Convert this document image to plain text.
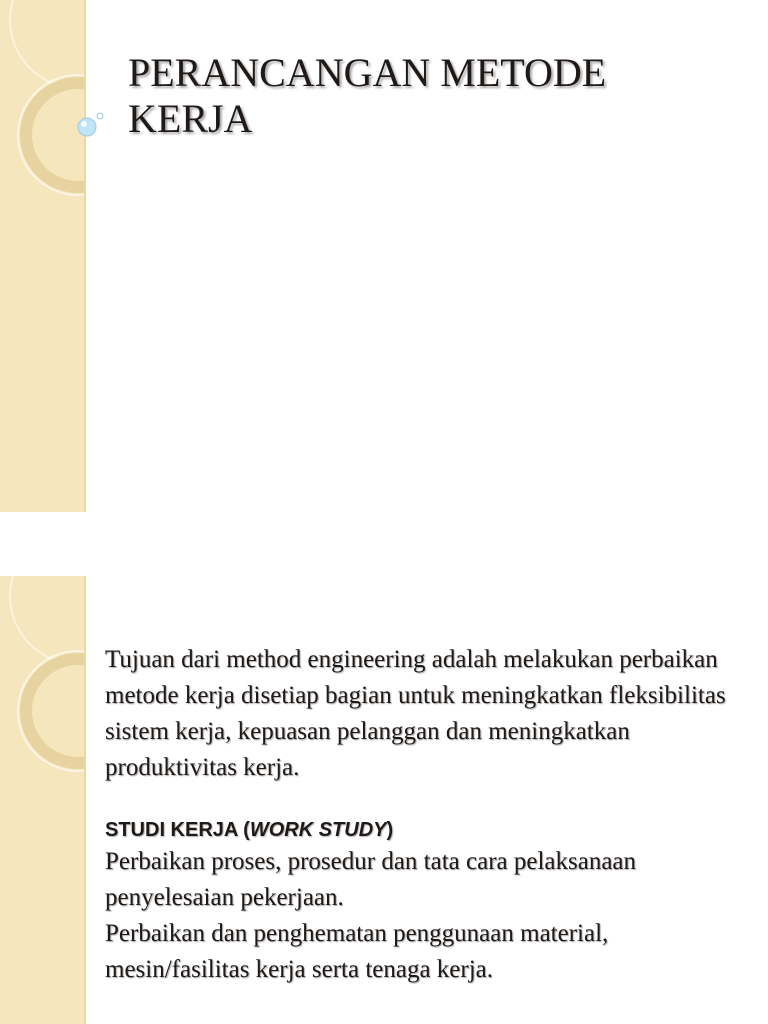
PERANCANGAN METODE KERJA

Tujuan dari method engineering adalah melakukan perbaikan metode kerja disetiap bagian untuk meningkatkan fleksibilitas sistem kerja, kepuasan pelanggan dan meningkatkan produktivitas kerja.

STUDI KERJA (WORK STUDY)

Perbaikan proses, prosedur dan tata cara pelaksanaan penyelesaian pekerjaan.
Perbaikan dan penghematan penggunaan material, mesin/fasilitas kerja serta tenaga kerja.
